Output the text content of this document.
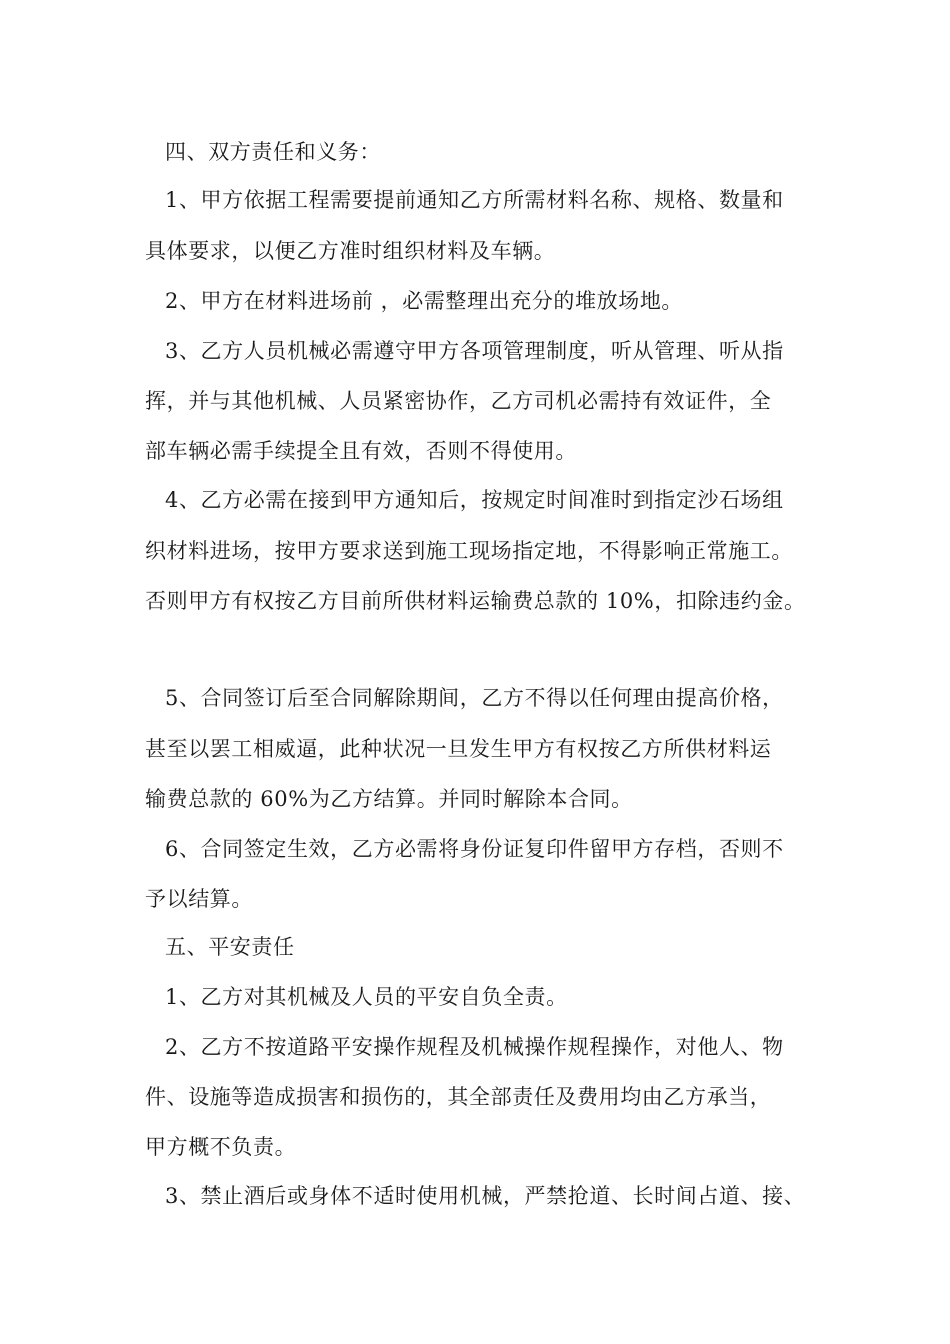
四、双方责任和义务：
1、甲方依据工程需要提前通知乙方所需材料名称、规格、数量和
具体要求，以便乙方准时组织材料及车辆。
2、甲方在材料进场前 ，必需整理出充分的堆放场地。
3、乙方人员机械必需遵守甲方各项管理制度，听从管理、听从指
挥，并与其他机械、人员紧密协作，乙方司机必需持有效证件，全
部车辆必需手续提全且有效，否则不得使用。
4、乙方必需在接到甲方通知后，按规定时间准时到指定沙石场组
织材料进场，按甲方要求送到施工现场指定地，不得影响正常施工。
否则甲方有权按乙方目前所供材料运输费总款的 10%，扣除违约金。
5、合同签订后至合同解除期间，乙方不得以任何理由提高价格，
甚至以罢工相威逼，此种状况一旦发生甲方有权按乙方所供材料运
输费总款的 60%为乙方结算。并同时解除本合同。
6、合同签定生效，乙方必需将身份证复印件留甲方存档，否则不
予以结算。
五、平安责任
1、乙方对其机械及人员的平安自负全责。
2、乙方不按道路平安操作规程及机械操作规程操作，对他人、物
件、设施等造成损害和损伤的，其全部责任及费用均由乙方承当，
甲方概不负责。
3、禁止酒后或身体不适时使用机械，严禁抢道、长时间占道、接、
